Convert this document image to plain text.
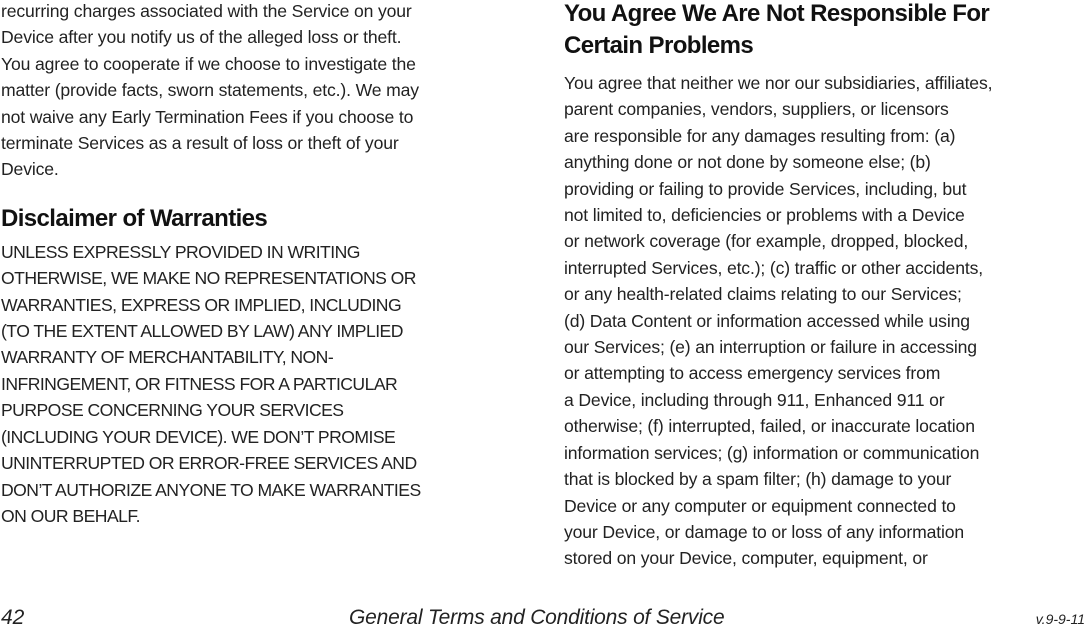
recurring charges associated with the Service on your
Device after you notify us of the alleged loss or theft.
You agree to cooperate if we choose to investigate the
matter (provide facts, sworn statements, etc.). We may
not waive any Early Termination Fees if you choose to
terminate Services as a result of loss or theft of your
Device.

Disclaimer of Warranties

UNLESS EXPRESSLY PROVIDED IN WRITING
OTHERWISE, WE MAKE NO REPRESENTATIONS OR
WARRANTIES, EXPRESS OR IMPLIED, INCLUDING
(TO THE EXTENT ALLOWED BY LAW) ANY IMPLIED
WARRANTY OF MERCHANTABILITY, NON-
INFRINGEMENT, OR FITNESS FOR A PARTICULAR
PURPOSE CONCERNING YOUR SERVICES
(INCLUDING YOUR DEVICE). WE DON’T PROMISE
UNINTERRUPTED OR ERROR-FREE SERVICES AND
DON’T AUTHORIZE ANYONE TO MAKE WARRANTIES
ON OUR BEHALF.

You Agree We Are Not Responsible For
Certain Problems

You agree that neither we nor our subsidiaries, affiliates,
parent companies, vendors, suppliers, or licensors
are responsible for any damages resulting from: (a)
anything done or not done by someone else; (b)
providing or failing to provide Services, including, but
not limited to, deficiencies or problems with a Device
or network coverage (for example, dropped, blocked,
interrupted Services, etc.); (c) traffic or other accidents,
or any health-related claims relating to our Services;
(d) Data Content or information accessed while using
our Services; (e) an interruption or failure in accessing
or attempting to access emergency services from
a Device, including through 911, Enhanced 911 or
otherwise; (f) interrupted, failed, or inaccurate location
information services; (g) information or communication
that is blocked by a spam filter; (h) damage to your
Device or any computer or equipment connected to
your Device, or damage to or loss of any information
stored on your Device, computer, equipment, or

42	General Terms and Conditions of Service	v.9-9-11
